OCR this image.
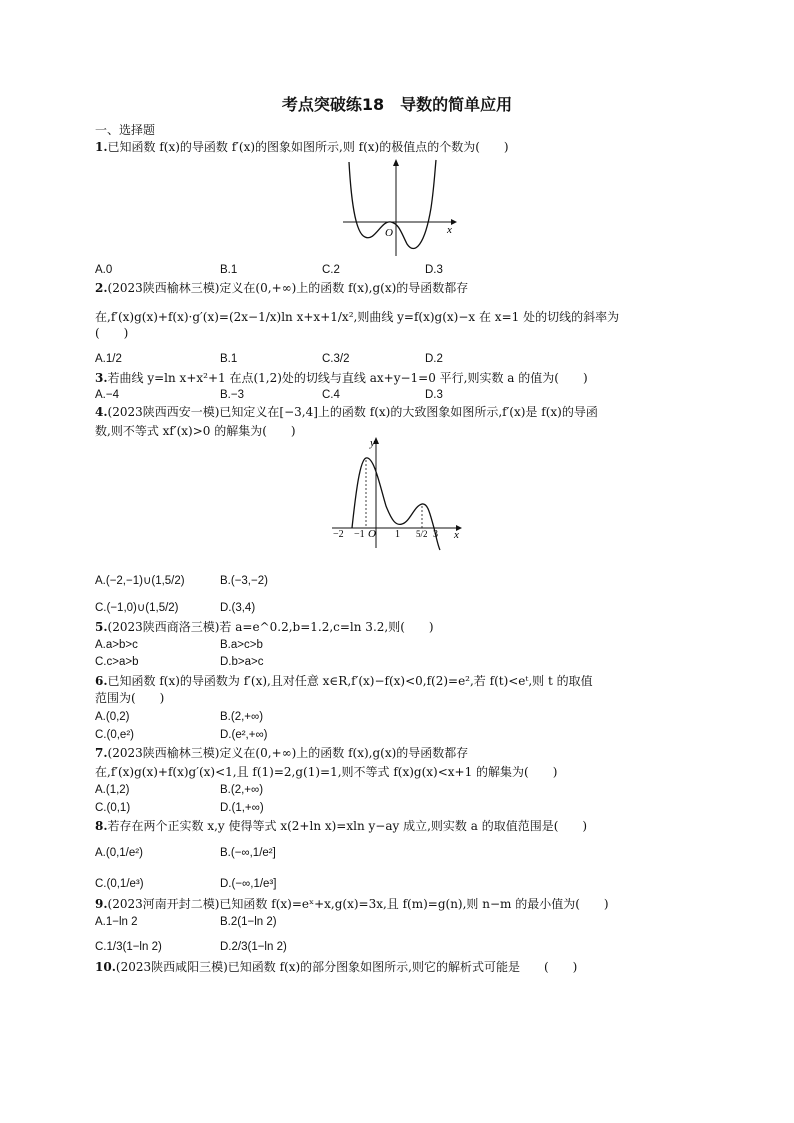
考点突破练18　导数的简单应用
一、选择题
1.已知函数 f(x)的导函数 f′(x)的图象如图所示,则 f(x)的极值点的个数为(　　)
x
O
A.0	B.1	C.2	D.3
2.(2023陕西榆林三模)定义在(0,+∞)上的函数 f(x),g(x)的导函数都存
在,f′(x)g(x)+f(x)·g′(x)=(2x−1/x)ln x+x+1/x²,则曲线 y=f(x)g(x)−x 在 x=1 处的切线的斜率为
(　　)
A.1/2	B.1	C.3/2	D.2
3.若曲线 y=ln x+x²+1 在点(1,2)处的切线与直线 ax+y−1=0 平行,则实数 a 的值为(　　)
A.−4	B.−3	C.4	D.3
4.(2023陕西西安一模)已知定义在[−3,4]上的函数 f(x)的大致图象如图所示,f′(x)是 f(x)的导函
数,则不等式 xf′(x)>0 的解集为(　　)
y
x
−2 −1 O 1 5/2 3
A.(−2,−1)∪(1,5/2)	B.(−3,−2)
C.(−1,0)∪(1,5/2)	D.(3,4)
5.(2023陕西商洛三模)若 a=e^0.2,b=1.2,c=ln 3.2,则(　　)
A.a>b>c	B.a>c>b
C.c>a>b	D.b>a>c
6.已知函数 f(x)的导函数为 f′(x),且对任意 x∈R,f′(x)−f(x)<0,f(2)=e²,若 f(t)<eᵗ,则 t 的取值
范围为(　　)
A.(0,2)	B.(2,+∞)
C.(0,e²)	D.(e²,+∞)
7.(2023陕西榆林三模)定义在(0,+∞)上的函数 f(x),g(x)的导函数都存
在,f′(x)g(x)+f(x)g′(x)<1,且 f(1)=2,g(1)=1,则不等式 f(x)g(x)<x+1 的解集为(　　)
A.(1,2)	B.(2,+∞)
C.(0,1)	D.(1,+∞)
8.若存在两个正实数 x,y 使得等式 x(2+ln x)=xln y−ay 成立,则实数 a 的取值范围是(　　)
A.(0,1/e²)	B.(−∞,1/e²]
C.(0,1/e³)	D.(−∞,1/e³]
9.(2023河南开封二模)已知函数 f(x)=eˣ+x,g(x)=3x,且 f(m)=g(n),则 n−m 的最小值为(　　)
A.1−ln 2	B.2(1−ln 2)
C.1/3(1−ln 2)	D.2/3(1−ln 2)
10.(2023陕西咸阳三模)已知函数 f(x)的部分图象如图所示,则它的解析式可能是　　(　　)
